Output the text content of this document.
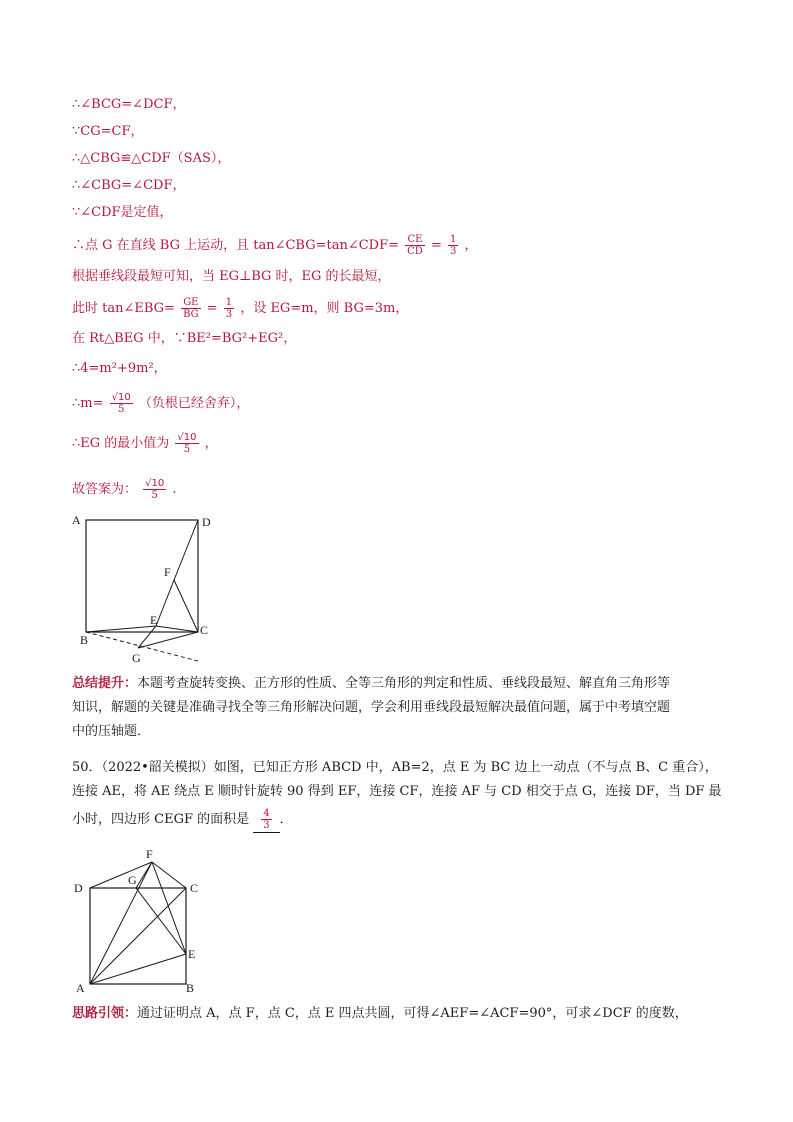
∴∠BCG=∠DCF，
∵CG=CF，
∴△CBG≌△CDF（SAS），
∴∠CBG=∠CDF，
∵∠CDF是定值，
∴点 G 在直线 BG 上运动，且 tan∠CBG=tan∠CDF= $\frac{CE}{CD} = \frac{1}{3}$ ，
根据垂线段最短可知，当 EG⊥BG 时，EG 的长最短，
此时 tan∠EBG= $\frac{GE}{BG} = \frac{1}{3}$ ，设 EG=m，则 BG=3m，
在 Rt△BEG 中，∵BE²=BG²+EG²，
∴4=m²+9m²，
∴m= $\frac{√10}{5}$ （负根已经舍弃），
∴EG 的最小值为 $\frac{√10}{5}$ ，
故答案为： $\frac{√10}{5}$ .
A	D
F
E
B
C
G
总结提升：本题考查旋转变换、正方形的性质、全等三角形的判定和性质、垂线段最短、解直角三角形等
知识，解题的关键是准确寻找全等三角形解决问题，学会利用垂线段最短解决最值问题，属于中考填空题
中的压轴题．
50．（2022•韶关模拟）如图，已知正方形 ABCD 中，AB=2，点 E 为 BC 边上一动点（不与点 B、C 重合），
连接 AE，将 AE 绕点 E 顺时针旋转 90 得到 EF，连接 CF，连接 AF 与 CD 相交于点 G，连接 DF，当 DF 最
小时，四边形 CEGF 的面积是 $\frac{4}{3}$ ．
F
D
G
C
E
A	B
思路引领：通过证明点 A，点 F，点 C，点 E 四点共圆，可得∠AEF=∠ACF=90°，可求∠DCF 的度数，
